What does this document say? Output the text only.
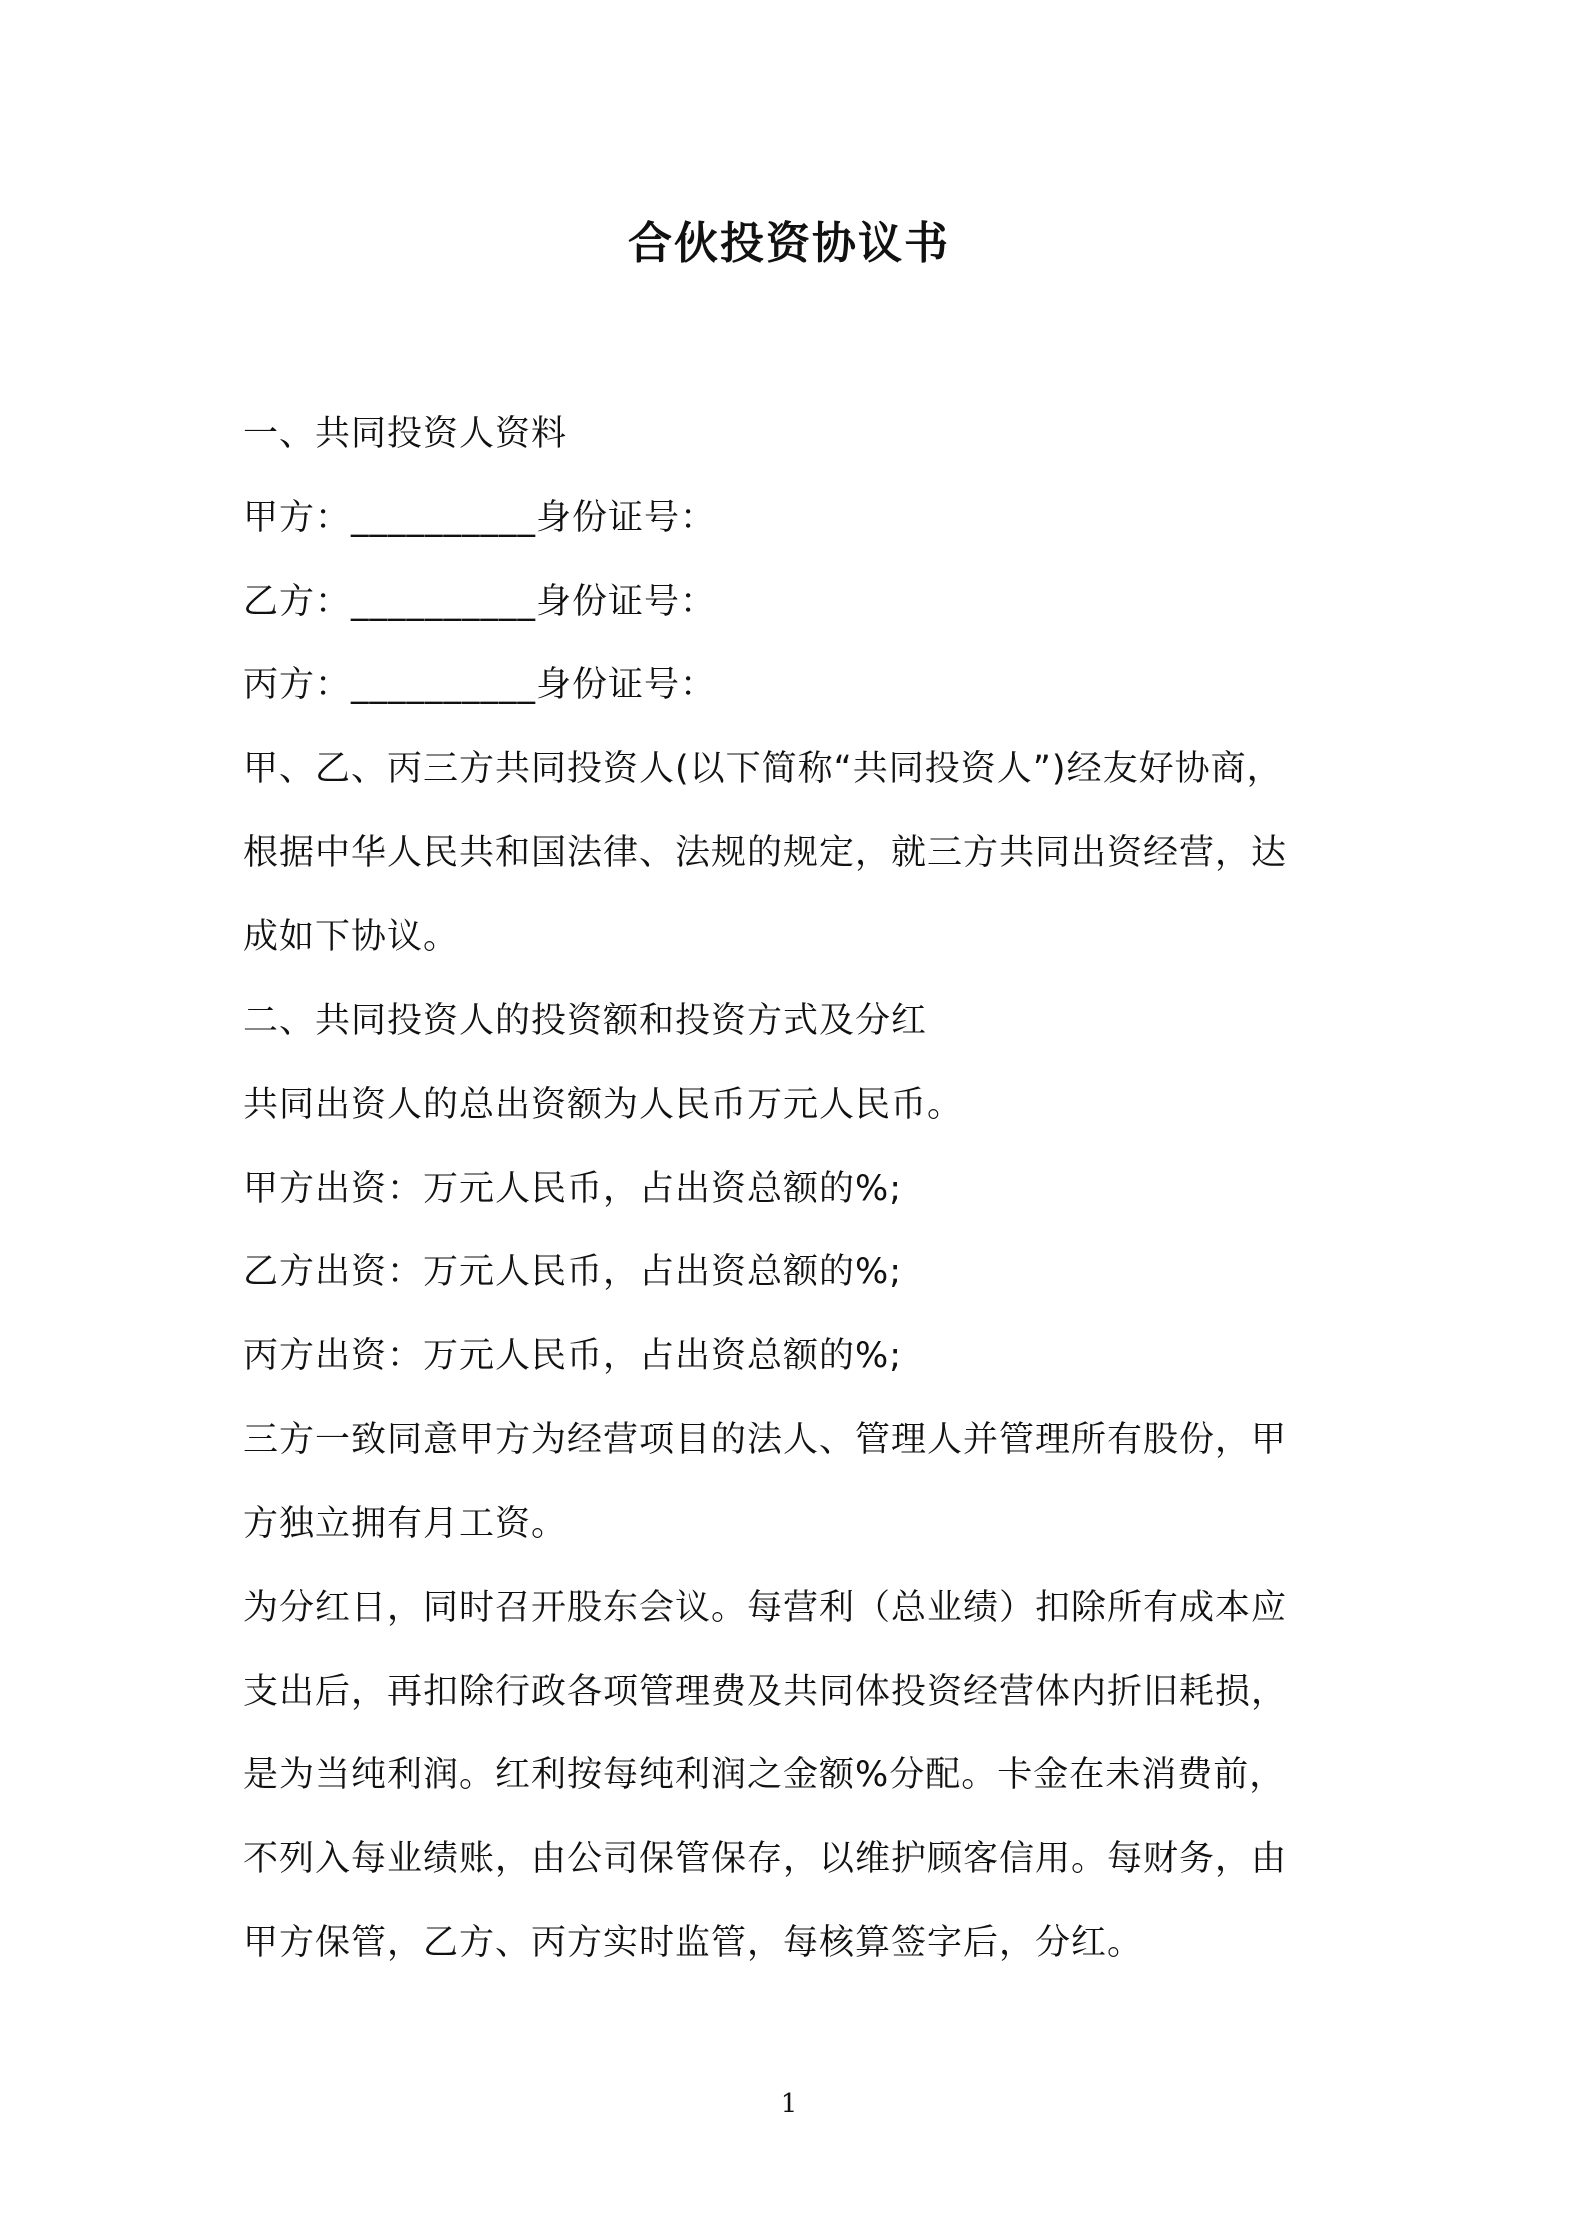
合伙投资协议书
一、共同投资人资料
甲方：__________身份证号：
乙方：__________身份证号：
丙方：__________身份证号：
甲、乙、丙三方共同投资人(以下简称“共同投资人”)经友好协商，
根据中华人民共和国法律、法规的规定，就三方共同出资经营，达
成如下协议。
二、共同投资人的投资额和投资方式及分红
共同出资人的总出资额为人民币万元人民币。
甲方出资：万元人民币，占出资总额的%;
乙方出资：万元人民币，占出资总额的%;
丙方出资：万元人民币，占出资总额的%;
三方一致同意甲方为经营项目的法人、管理人并管理所有股份，甲
方独立拥有月工资。
为分红日，同时召开股东会议。每营利（总业绩）扣除所有成本应
支出后，再扣除行政各项管理费及共同体投资经营体内折旧耗损，
是为当纯利润。红利按每纯利润之金额%分配。卡金在未消费前，
不列入每业绩账，由公司保管保存，以维护顾客信用。每财务，由
甲方保管，乙方、丙方实时监管，每核算签字后，分红。
1
